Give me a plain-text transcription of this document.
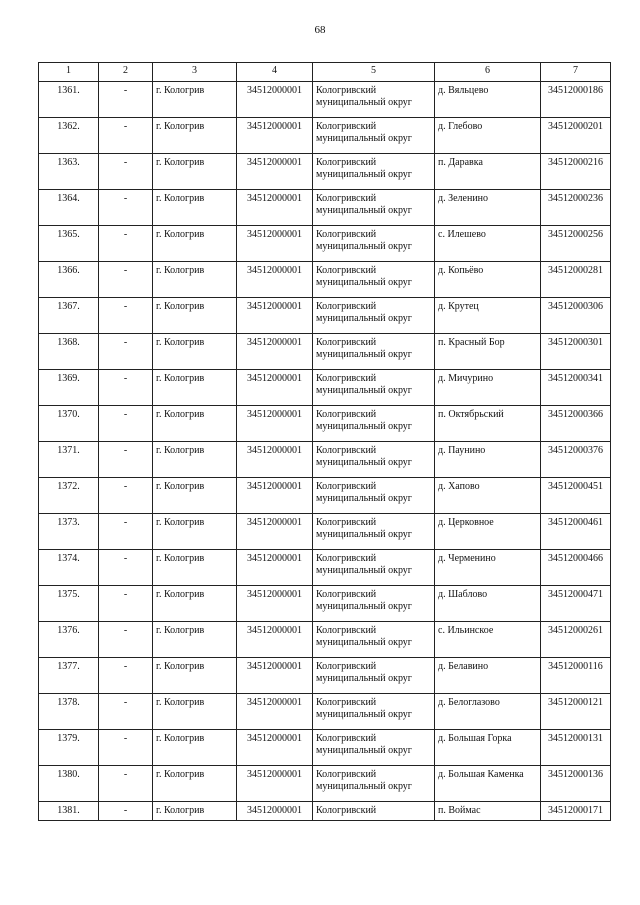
68
1	2	3	4	5	6	7
1361.	-	г. Кологрив	34512000001	Кологривский муниципальный округ	д. Вяльцево	34512000186
1362.	-	г. Кологрив	34512000001	Кологривский муниципальный округ	д. Глебово	34512000201
1363.	-	г. Кологрив	34512000001	Кологривский муниципальный округ	п. Даравка	34512000216
1364.	-	г. Кологрив	34512000001	Кологривский муниципальный округ	д. Зеленино	34512000236
1365.	-	г. Кологрив	34512000001	Кологривский муниципальный округ	с. Илешево	34512000256
1366.	-	г. Кологрив	34512000001	Кологривский муниципальный округ	д. Копьёво	34512000281
1367.	-	г. Кологрив	34512000001	Кологривский муниципальный округ	д. Крутец	34512000306
1368.	-	г. Кологрив	34512000001	Кологривский муниципальный округ	п. Красный Бор	34512000301
1369.	-	г. Кологрив	34512000001	Кологривский муниципальный округ	д. Мичурино	34512000341
1370.	-	г. Кологрив	34512000001	Кологривский муниципальный округ	п. Октябрьский	34512000366
1371.	-	г. Кологрив	34512000001	Кологривский муниципальный округ	д. Паунино	34512000376
1372.	-	г. Кологрив	34512000001	Кологривский муниципальный округ	д. Хапово	34512000451
1373.	-	г. Кологрив	34512000001	Кологривский муниципальный округ	д. Церковное	34512000461
1374.	-	г. Кологрив	34512000001	Кологривский муниципальный округ	д. Черменино	34512000466
1375.	-	г. Кологрив	34512000001	Кологривский муниципальный округ	д. Шаблово	34512000471
1376.	-	г. Кологрив	34512000001	Кологривский муниципальный округ	с. Ильинское	34512000261
1377.	-	г. Кологрив	34512000001	Кологривский муниципальный округ	д. Белавино	34512000116
1378.	-	г. Кологрив	34512000001	Кологривский муниципальный округ	д. Белоглазово	34512000121
1379.	-	г. Кологрив	34512000001	Кологривский муниципальный округ	д. Большая Горка	34512000131
1380.	-	г. Кологрив	34512000001	Кологривский муниципальный округ	д. Большая Каменка	34512000136
1381.	-	г. Кологрив	34512000001	Кологривский	п. Воймас	34512000171
